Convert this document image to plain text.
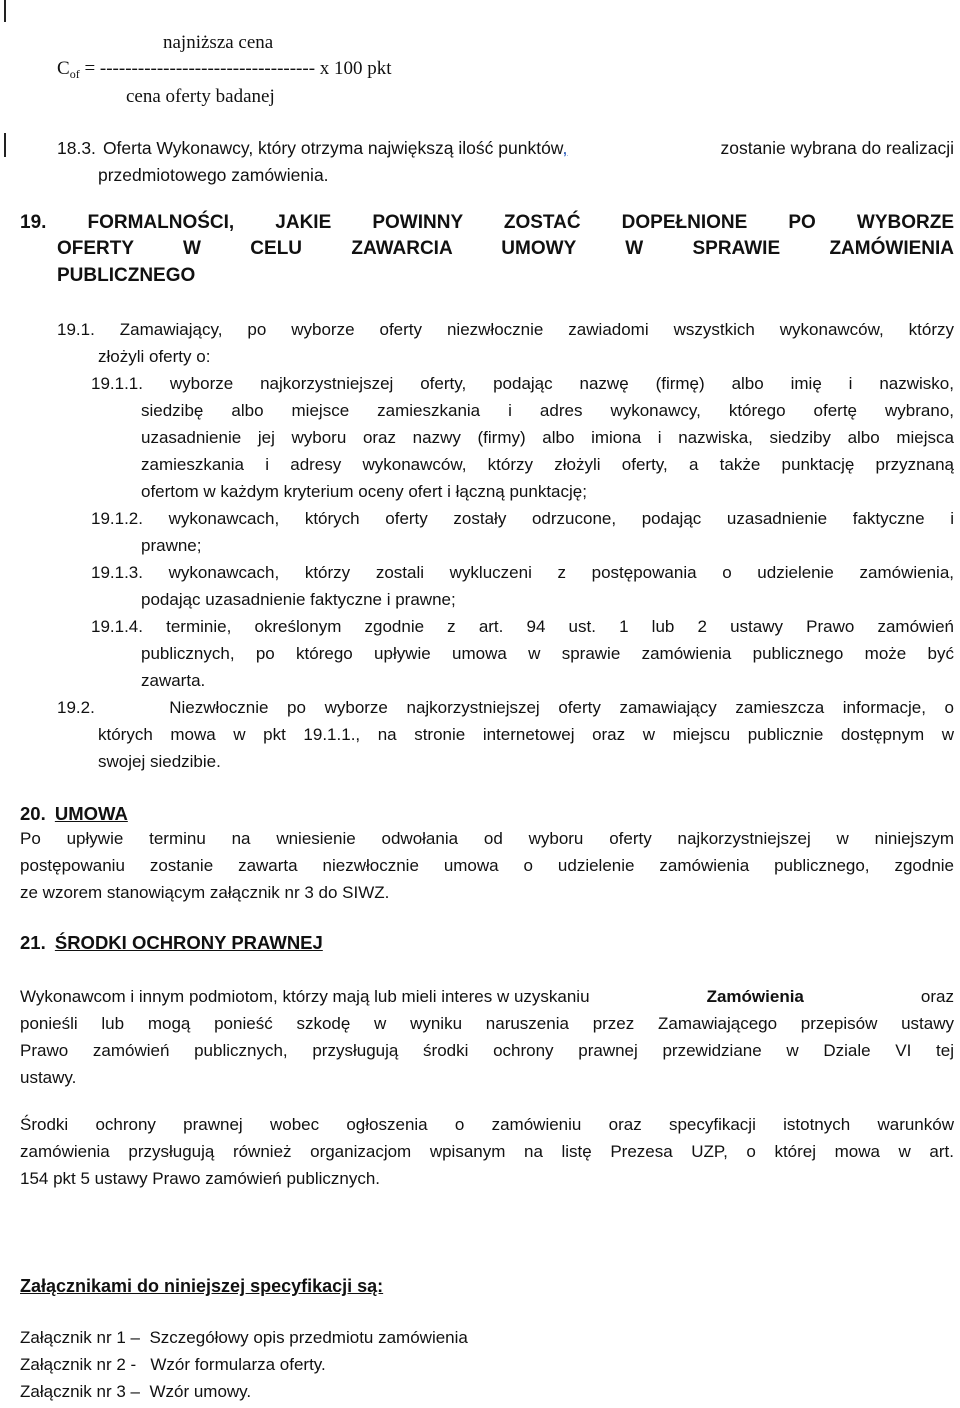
najniższa cena
$C_{of}$ = ---------------------------------- x 100 pkt
cena oferty badanej
18.3. Oferta Wykonawcy, który otrzyma największą ilość punktów,	zostanie wybrana do realizacji
przedmiotowego zamówienia.
19. FORMALNOŚCI, JAKIE POWINNY ZOSTAĆ DOPEŁNIONE PO WYBORZE
OFERTY W CELU ZAWARCIA UMOWY W SPRAWIE ZAMÓWIENIA
PUBLICZNEGO
19.1. Zamawiający, po wyborze oferty niezwłocznie zawiadomi wszystkich wykonawców, którzy
złożyli oferty o:
19.1.1. wyborze najkorzystniejszej oferty, podając nazwę (firmę) albo imię i nazwisko,
siedzibę albo miejsce zamieszkania i adres wykonawcy, którego ofertę wybrano,
uzasadnienie jej wyboru oraz nazwy (firmy) albo imiona i nazwiska, siedziby albo miejsca
zamieszkania i adresy wykonawców, którzy złożyli oferty, a także punktację przyznaną
ofertom w każdym kryterium oceny ofert i łączną punktację;
19.1.2. wykonawcach, których oferty zostały odrzucone, podając uzasadnienie faktyczne i
prawne;
19.1.3. wykonawcach, którzy zostali wykluczeni z postępowania o udzielenie zamówienia,
podając uzasadnienie faktyczne i prawne;
19.1.4. terminie, określonym zgodnie z art. 94 ust. 1 lub 2 ustawy Prawo zamówień
publicznych, po którego upływie umowa w sprawie zamówienia publicznego może być
zawarta.
19.2.    Niezwłocznie po wyborze najkorzystniejszej oferty zamawiający zamieszcza informacje, o
których mowa w pkt 19.1.1., na stronie internetowej oraz w miejscu publicznie dostępnym w
swojej siedzibie.
20. UMOWA
Po upływie terminu na wniesienie odwołania od wyboru oferty najkorzystniejszej w niniejszym
postępowaniu zostanie zawarta niezwłocznie umowa o udzielenie zamówienia publicznego, zgodnie
ze wzorem stanowiącym załącznik nr 3 do SIWZ.
21. ŚRODKI OCHRONY PRAWNEJ
Wykonawcom i innym podmiotom, którzy mają lub mieli interes w uzyskaniu	Zamówienia	oraz
ponieśli lub mogą ponieść szkodę w wyniku naruszenia przez Zamawiającego przepisów ustawy
Prawo zamówień publicznych, przysługują środki ochrony prawnej przewidziane w Dziale VI tej
ustawy.
Środki ochrony prawnej wobec ogłoszenia o zamówieniu oraz specyfikacji istotnych warunków
zamówienia przysługują również organizacjom wpisanym na listę Prezesa UZP, o której mowa w art.
154 pkt 5 ustawy Prawo zamówień publicznych.
Załącznikami do niniejszej specyfikacji są:
Załącznik nr 1 –  Szczegółowy opis przedmiotu zamówienia
Załącznik nr 2 -   Wzór formularza oferty.
Załącznik nr 3 –  Wzór umowy.
